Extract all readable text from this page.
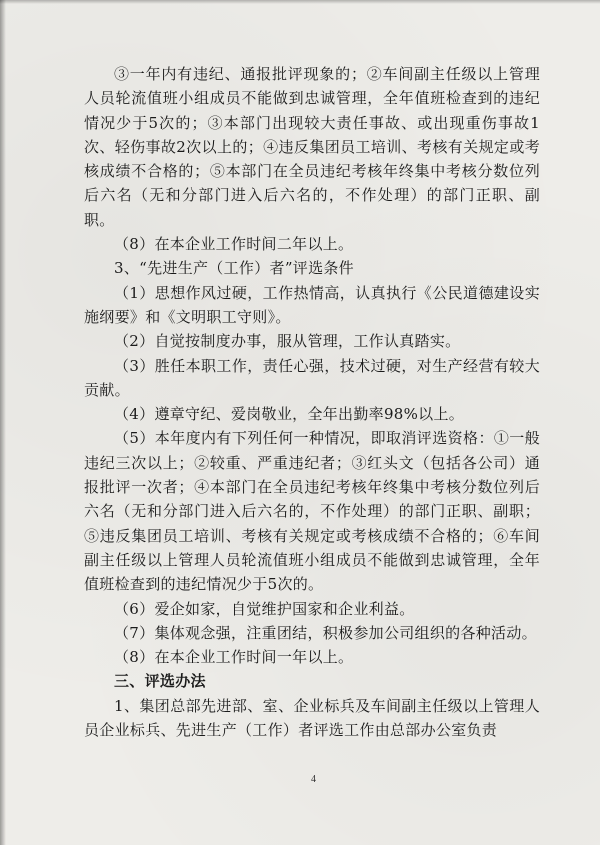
③一年内有违纪、通报批评现象的；②车间副主任级以上管理人员轮流值班小组成员不能做到忠诚管理，全年值班检查到的违纪情况少于5次的；③本部门出现较大责任事故、或出现重伤事故1次、轻伤事故2次以上的；④违反集团员工培训、考核有关规定或考核成绩不合格的；⑤本部门在全员违纪考核年终集中考核分数位列后六名（无和分部门进入后六名的，不作处理）的部门正职、副职。

（8）在本企业工作时间二年以上。

3、“先进生产（工作）者”评选条件

（1）思想作风过硬，工作热情高，认真执行《公民道德建设实施纲要》和《文明职工守则》。

（2）自觉按制度办事，服从管理，工作认真踏实。

（3）胜任本职工作，责任心强，技术过硬，对生产经营有较大贡献。

（4）遵章守纪、爱岗敬业，全年出勤率98%以上。

（5）本年度内有下列任何一种情况，即取消评选资格：①一般违纪三次以上；②较重、严重违纪者；③红头文（包括各公司）通报批评一次者；④本部门在全员违纪考核年终集中考核分数位列后六名（无和分部门进入后六名的，不作处理）的部门正职、副职；⑤违反集团员工培训、考核有关规定或考核成绩不合格的；⑥车间副主任级以上管理人员轮流值班小组成员不能做到忠诚管理，全年值班检查到的违纪情况少于5次的。

（6）爱企如家，自觉维护国家和企业利益。

（7）集体观念强，注重团结，积极参加公司组织的各种活动。

（8）在本企业工作时间一年以上。

三、评选办法

1、集团总部先进部、室、企业标兵及车间副主任级以上管理人员企业标兵、先进生产（工作）者评选工作由总部办公室负责

4
